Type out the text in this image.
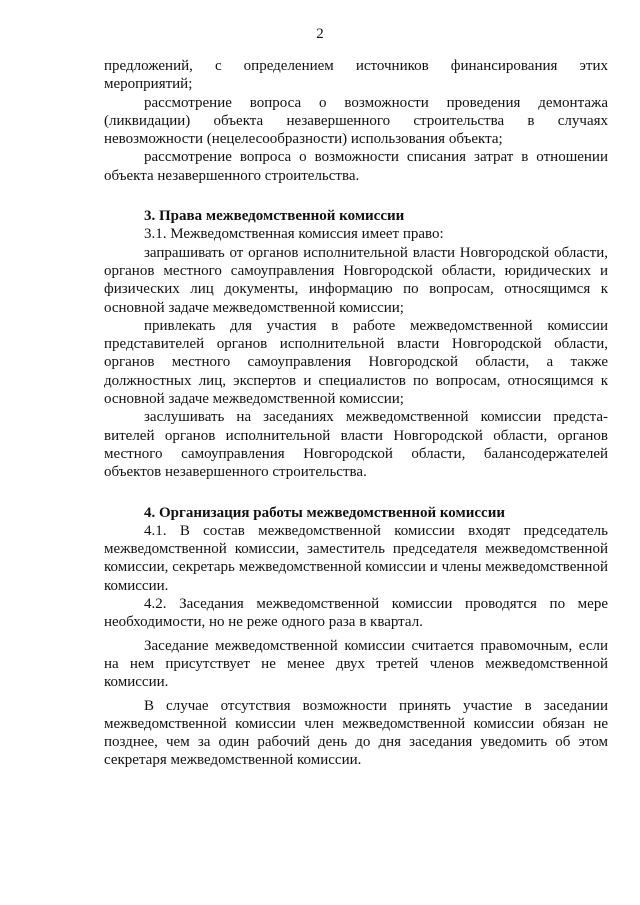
2

предложений, с определением источников финансирования этих мероприятий;

рассмотрение вопроса о возможности проведения демонтажа (ликвидации) объекта незавершенного строительства в случаях невозможности (нецелесообразности) использования объекта;

рассмотрение вопроса о возможности списания затрат в отношении объекта незавершенного строительства.

3. Права межведомственной комиссии

3.1. Межведомственная комиссия имеет право:

запрашивать от органов исполнительной власти Новгородской области, органов местного самоуправления Новгородской области, юридических и физических лиц документы, информацию по вопросам, относящимся к основной задаче межведомственной комиссии;

привлекать для участия в работе межведомственной комиссии представителей органов исполнительной власти Новгородской области, органов местного самоуправления Новгородской области, а также должностных лиц, экспертов и специалистов по вопросам, относящимся к основной задаче межведомственной комиссии;

заслушивать на заседаниях межведомственной комиссии предста-вителей органов исполнительной власти Новгородской области, органов местного самоуправления Новгородской области, балансодержателей объектов незавершенного строительства.

4. Организация работы межведомственной комиссии

4.1. В состав межведомственной комиссии входят председатель межведомственной комиссии, заместитель председателя межведомственной комиссии, секретарь межведомственной комиссии и члены межведомственной комиссии.

4.2. Заседания межведомственной комиссии проводятся по мере необходимости, но не реже одного раза в квартал.

Заседание межведомственной комиссии считается правомочным, если на нем присутствует не менее двух третей членов межведомственной комиссии.

В случае отсутствия возможности принять участие в заседании межведомственной комиссии член межведомственной комиссии обязан не позднее, чем за один рабочий день до дня заседания уведомить об этом секретаря межведомственной комиссии.
